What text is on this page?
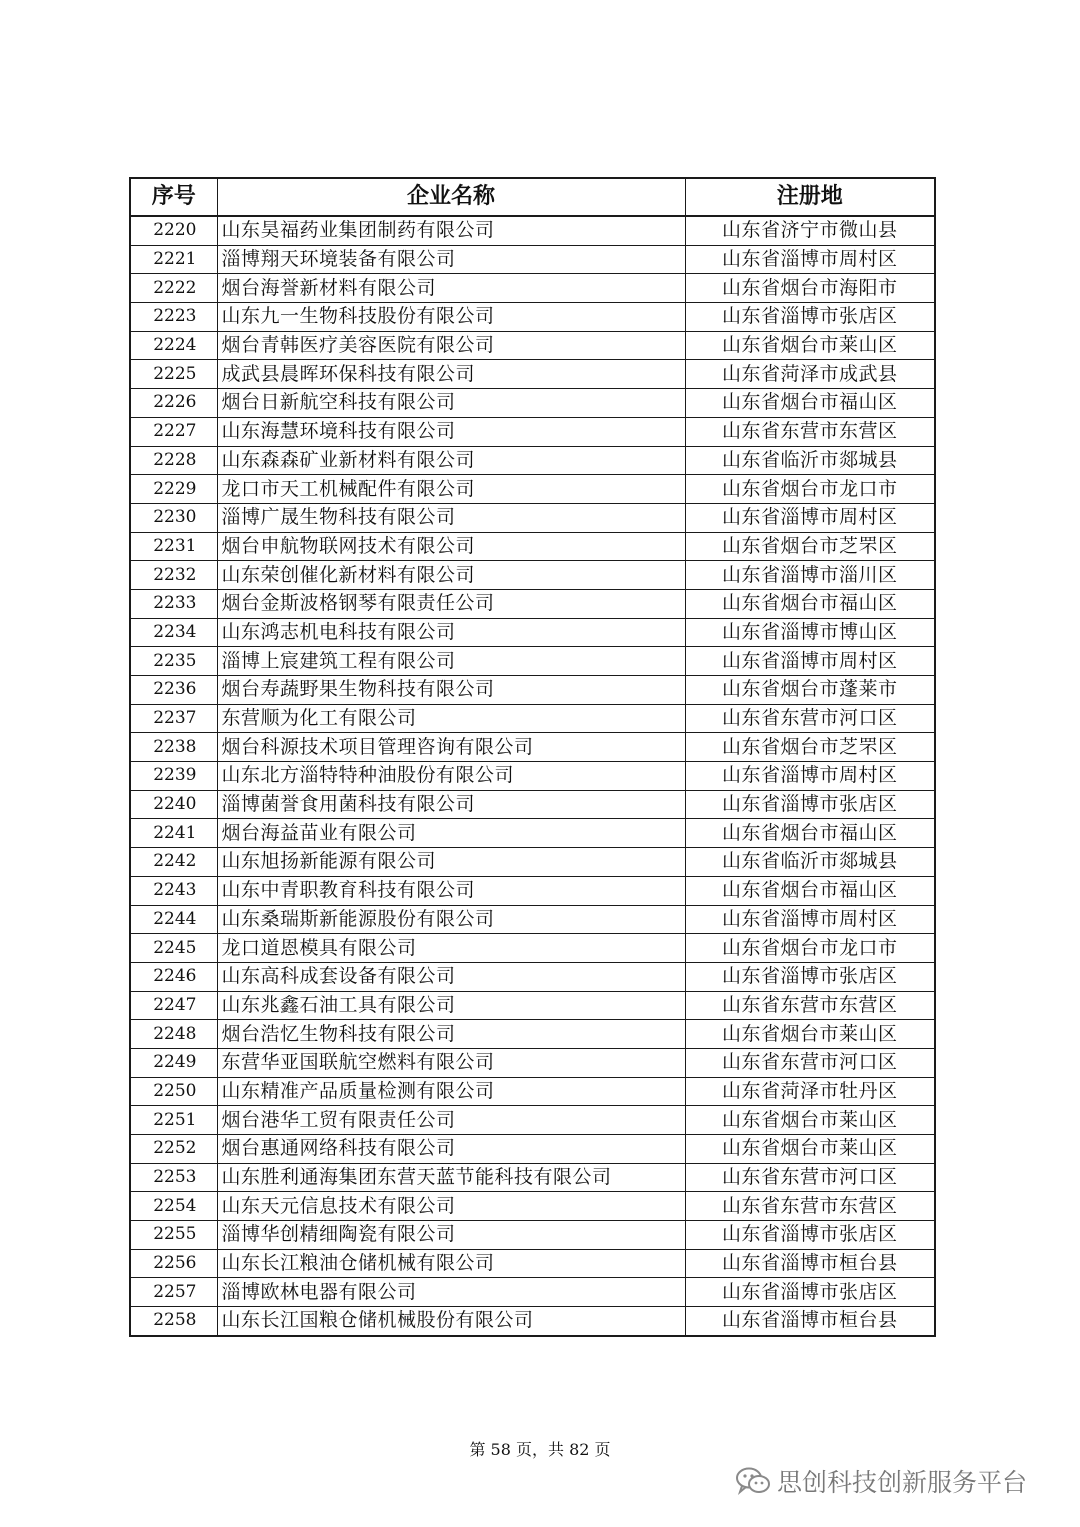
序号	企业名称	注册地
2220	山东昊福药业集团制药有限公司	山东省济宁市微山县
2221	淄博翔天环境装备有限公司	山东省淄博市周村区
2222	烟台海誉新材料有限公司	山东省烟台市海阳市
2223	山东九一生物科技股份有限公司	山东省淄博市张店区
2224	烟台青韩医疗美容医院有限公司	山东省烟台市莱山区
2225	成武县晨晖环保科技有限公司	山东省菏泽市成武县
2226	烟台日新航空科技有限公司	山东省烟台市福山区
2227	山东海慧环境科技有限公司	山东省东营市东营区
2228	山东森森矿业新材料有限公司	山东省临沂市郯城县
2229	龙口市天工机械配件有限公司	山东省烟台市龙口市
2230	淄博广晟生物科技有限公司	山东省淄博市周村区
2231	烟台申航物联网技术有限公司	山东省烟台市芝罘区
2232	山东荣创催化新材料有限公司	山东省淄博市淄川区
2233	烟台金斯波格钢琴有限责任公司	山东省烟台市福山区
2234	山东鸿志机电科技有限公司	山东省淄博市博山区
2235	淄博上宸建筑工程有限公司	山东省淄博市周村区
2236	烟台寿蔬野果生物科技有限公司	山东省烟台市蓬莱市
2237	东营顺为化工有限公司	山东省东营市河口区
2238	烟台科源技术项目管理咨询有限公司	山东省烟台市芝罘区
2239	山东北方淄特特种油股份有限公司	山东省淄博市周村区
2240	淄博菌誉食用菌科技有限公司	山东省淄博市张店区
2241	烟台海益苗业有限公司	山东省烟台市福山区
2242	山东旭扬新能源有限公司	山东省临沂市郯城县
2243	山东中青职教育科技有限公司	山东省烟台市福山区
2244	山东桑瑞斯新能源股份有限公司	山东省淄博市周村区
2245	龙口道恩模具有限公司	山东省烟台市龙口市
2246	山东高科成套设备有限公司	山东省淄博市张店区
2247	山东兆鑫石油工具有限公司	山东省东营市东营区
2248	烟台浩忆生物科技有限公司	山东省烟台市莱山区
2249	东营华亚国联航空燃料有限公司	山东省东营市河口区
2250	山东精准产品质量检测有限公司	山东省菏泽市牡丹区
2251	烟台港华工贸有限责任公司	山东省烟台市莱山区
2252	烟台惠通网络科技有限公司	山东省烟台市莱山区
2253	山东胜利通海集团东营天蓝节能科技有限公司	山东省东营市河口区
2254	山东天元信息技术有限公司	山东省东营市东营区
2255	淄博华创精细陶瓷有限公司	山东省淄博市张店区
2256	山东长江粮油仓储机械有限公司	山东省淄博市桓台县
2257	淄博欧林电器有限公司	山东省淄博市张店区
2258	山东长江国粮仓储机械股份有限公司	山东省淄博市桓台县
第 58 页，共 82 页
思创科技创新服务平台
